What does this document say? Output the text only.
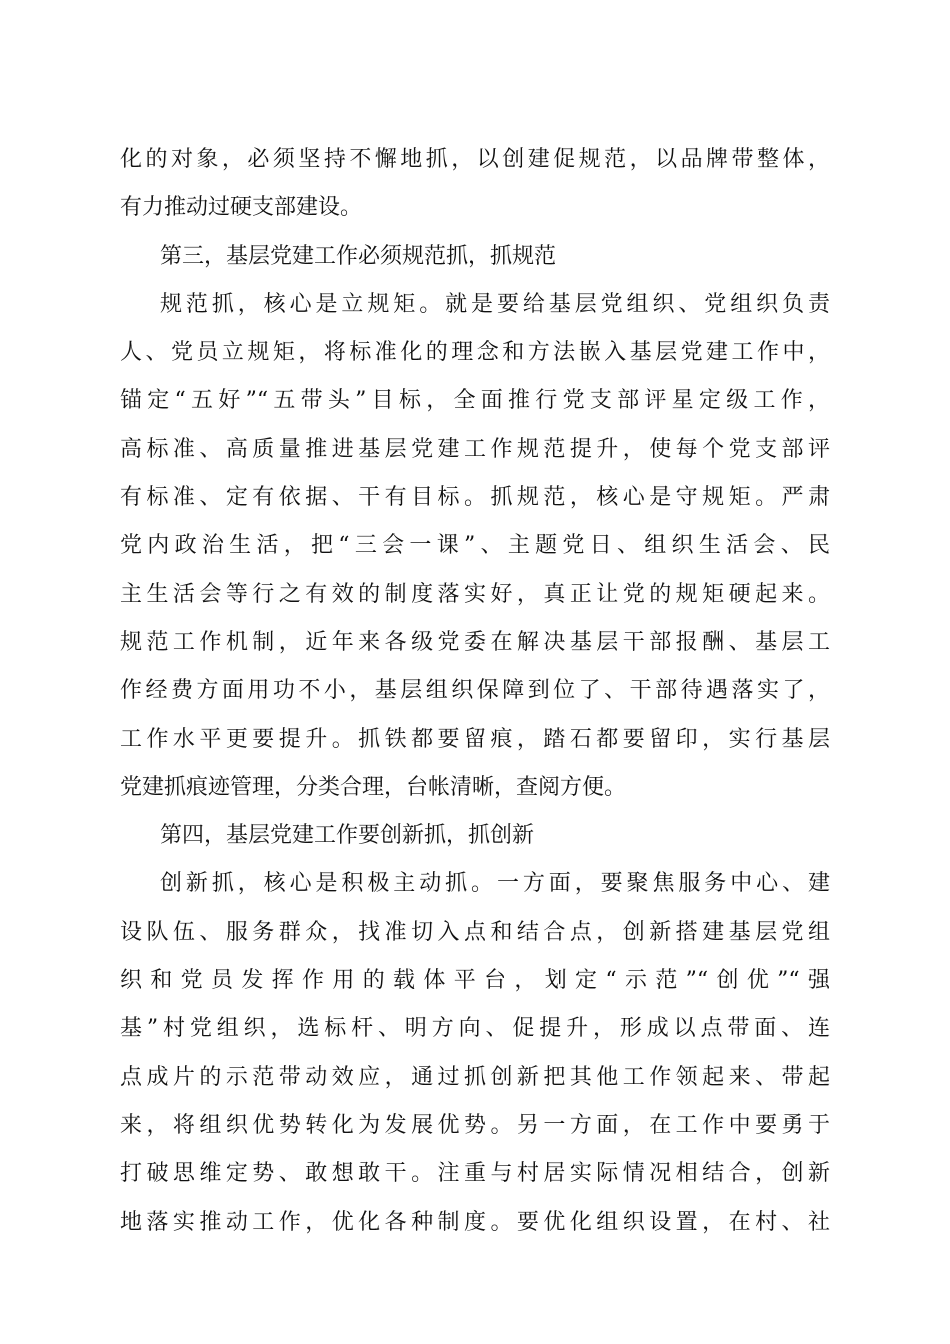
化的对象，必须坚持不懈地抓，以创建促规范，以品牌带整体，
有力推动过硬支部建设。
第三，基层党建工作必须规范抓，抓规范
规范抓，核心是立规矩。就是要给基层党组织、党组织负责
人、党员立规矩，将标准化的理念和方法嵌入基层党建工作中，
锚定“五好”“五带头”目标，全面推行党支部评星定级工作，
高标准、高质量推进基层党建工作规范提升，使每个党支部评
有标准、定有依据、干有目标。抓规范，核心是守规矩。严肃
党内政治生活，把“三会一课”、主题党日、组织生活会、民
主生活会等行之有效的制度落实好，真正让党的规矩硬起来。
规范工作机制，近年来各级党委在解决基层干部报酬、基层工
作经费方面用功不小，基层组织保障到位了、干部待遇落实了，
工作水平更要提升。抓铁都要留痕，踏石都要留印，实行基层
党建抓痕迹管理，分类合理，台帐清晰，查阅方便。
第四，基层党建工作要创新抓，抓创新
创新抓，核心是积极主动抓。一方面，要聚焦服务中心、建
设队伍、服务群众，找准切入点和结合点，创新搭建基层党组
织和党员发挥作用的载体平台，划定“示范”“创优”“强
基”村党组织，选标杆、明方向、促提升，形成以点带面、连
点成片的示范带动效应，通过抓创新把其他工作领起来、带起
来，将组织优势转化为发展优势。另一方面，在工作中要勇于
打破思维定势、敢想敢干。注重与村居实际情况相结合，创新
地落实推动工作，优化各种制度。要优化组织设置，在村、社
